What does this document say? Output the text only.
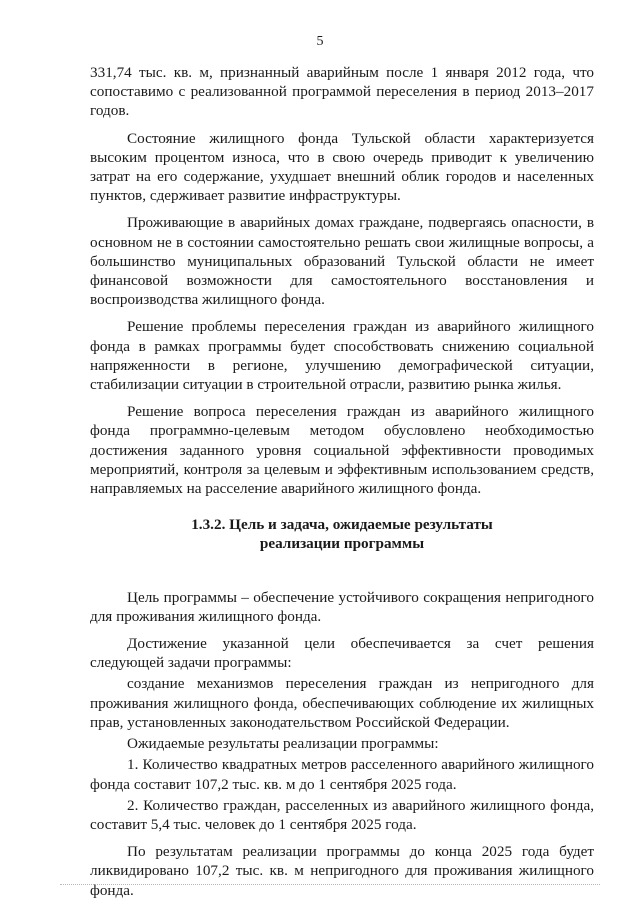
5

331,74 тыс. кв. м, признанный аварийным после 1 января 2012 года, что сопоставимо с реализованной программой переселения в период 2013–2017 годов.

Состояние жилищного фонда Тульской области характеризуется высоким процентом износа, что в свою очередь приводит к увеличению затрат на его содержание, ухудшает внешний облик городов и населенных пунктов, сдерживает развитие инфраструктуры.

Проживающие в аварийных домах граждане, подвергаясь опасности, в основном не в состоянии самостоятельно решать свои жилищные вопросы, а большинство муниципальных образований Тульской области не имеет финансовой возможности для самостоятельного восстановления и воспроизводства жилищного фонда.

Решение проблемы переселения граждан из аварийного жилищного фонда в рамках программы будет способствовать снижению социальной напряженности в регионе, улучшению демографической ситуации, стабилизации ситуации в строительной отрасли, развитию рынка жилья.

Решение вопроса переселения граждан из аварийного жилищного фонда программно-целевым методом обусловлено необходимостью достижения заданного уровня социальной эффективности проводимых мероприятий, контроля за целевым и эффективным использованием средств, направляемых на расселение аварийного жилищного фонда.

1.3.2. Цель и задача, ожидаемые результаты
реализации программы

Цель программы – обеспечение устойчивого сокращения непригодного для проживания жилищного фонда.

Достижение указанной цели обеспечивается за счет решения следующей задачи программы:

создание механизмов переселения граждан из непригодного для проживания жилищного фонда, обеспечивающих соблюдение их жилищных прав, установленных законодательством Российской Федерации.

Ожидаемые результаты реализации программы:

1. Количество квадратных метров расселенного аварийного жилищного фонда составит 107,2 тыс. кв. м до 1 сентября 2025 года.

2. Количество граждан, расселенных из аварийного жилищного фонда, составит 5,4 тыс. человек до 1 сентября 2025 года.

По результатам реализации программы до конца 2025 года будет ликвидировано 107,2 тыс. кв. м непригодного для проживания жилищного фонда.
